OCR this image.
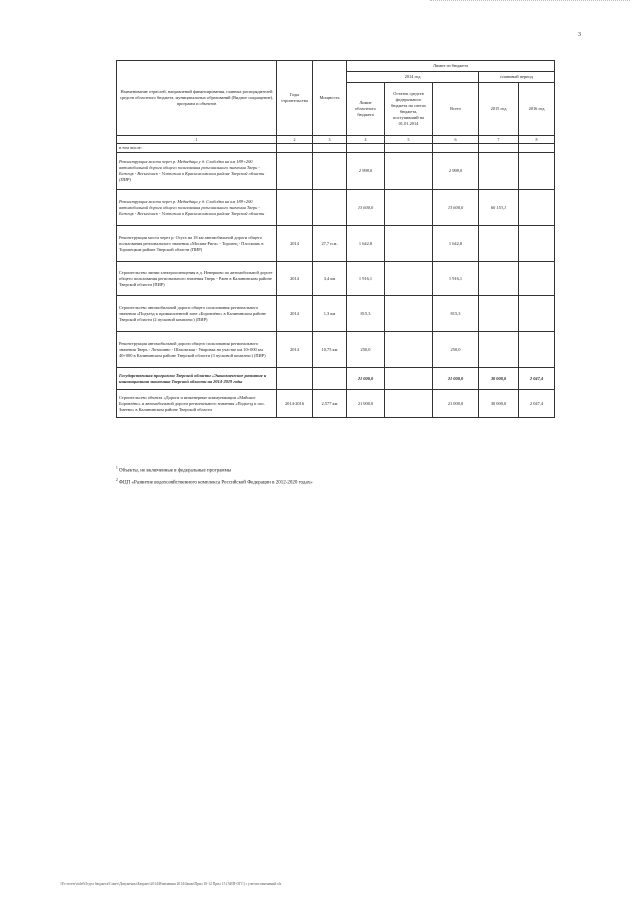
3
Наименование отраслей, направлений финансирования, главных распорядителей средств областного бюджета, муниципальных образований (Видное сокращение), программ и объектов	Годы строительства	Мощность	Лимит из бюджета				
			2014 год			плановый период	
			Лимит областного бюджета	Остаток средств федерального бюджета на счетах бюджета, поступивший на 01.01.2014	Всего	2015 год	2016 год
1	2	3	4	5	6	7	8
в том числе:							
Реконструкция моста через р. Медведица у д. Слободка на км 189+200 автомобильной дороги общего пользования регионального значения Тверь - Бежецк - Весьегонск - Устюжна в Краснохолмском районе Тверской области (ПИР)			2 998,0		2 998,0		
Реконструкция моста через р. Медведица у д. Слободка на км 189+200 автомобильной дороги общего пользования регионального значения Тверь - Бежецк - Весьегонск - Устюжна в Краснохолмском районе Тверской области			13 600,0		13 600,0	60 153,1	
Реконструкция моста через р. Осуга на 18 км автомобильной дороги общего пользования регионального значения «Москва-Рига» - Торопец - Плоскошь в Торопецком районе Тверской области (ПИР)	2014	27,7 п.м.	1 642,8		1 642,8		
Строительство линии электроосвещения в д. Неверково по автомобильной дороге общего пользования регионального значения Тверь - Ржев в Калининском районе Тверской области (ПИР)	2014	3,4 км	1 916,1		1 916,1		
Строительство автомобильной дороги общего пользования регионального значения «Подъезд к промышленной зоне «Боровлёво» в Калининском районе Тверской области (2 пусковой комплекс) (ПИР)	2014	1,3 км	815,3		815,3		
Реконструкция автомобильной дороги общего пользования регионального значения Тверь - Лотошино - Шаховская - Уваровка на участке км 10+000 км 40+000 в Калининском районе Тверской области (3 пусковой комплекс) (ПИР)	2014	10,75 км	250,0		250,0		
Государственная программа Тверской области «Экономическое развитие и инновационная экономика Тверской области на 2014-2019 годы			21 000,0		21 000,0	30 000,0	2 047,4
Строительство объекта «Дороги и инженерные коммуникации «Майское Боровлёво» и автомобильной дороги регионального значения «Подъезд к пос. Змеево» в Калининском районе Тверской области	2014-2016	2,577 км	21 000,0		21 000,0	30 000,0	2 047,4

$^1$ Объекты, не включенные в федеральные программы

$^2$ ФЦП «Развитие водохозяйственного комплекса Российской Федерации в 2012-2020 годах»

\\Fs-server\otdel\Отдел бюджета\Совет\Документы\Бюджет\2014\Изменения 2014\Закон\Прил 10-12 Прил 15 (АИП-ОГС) с учетом изменений.xls
